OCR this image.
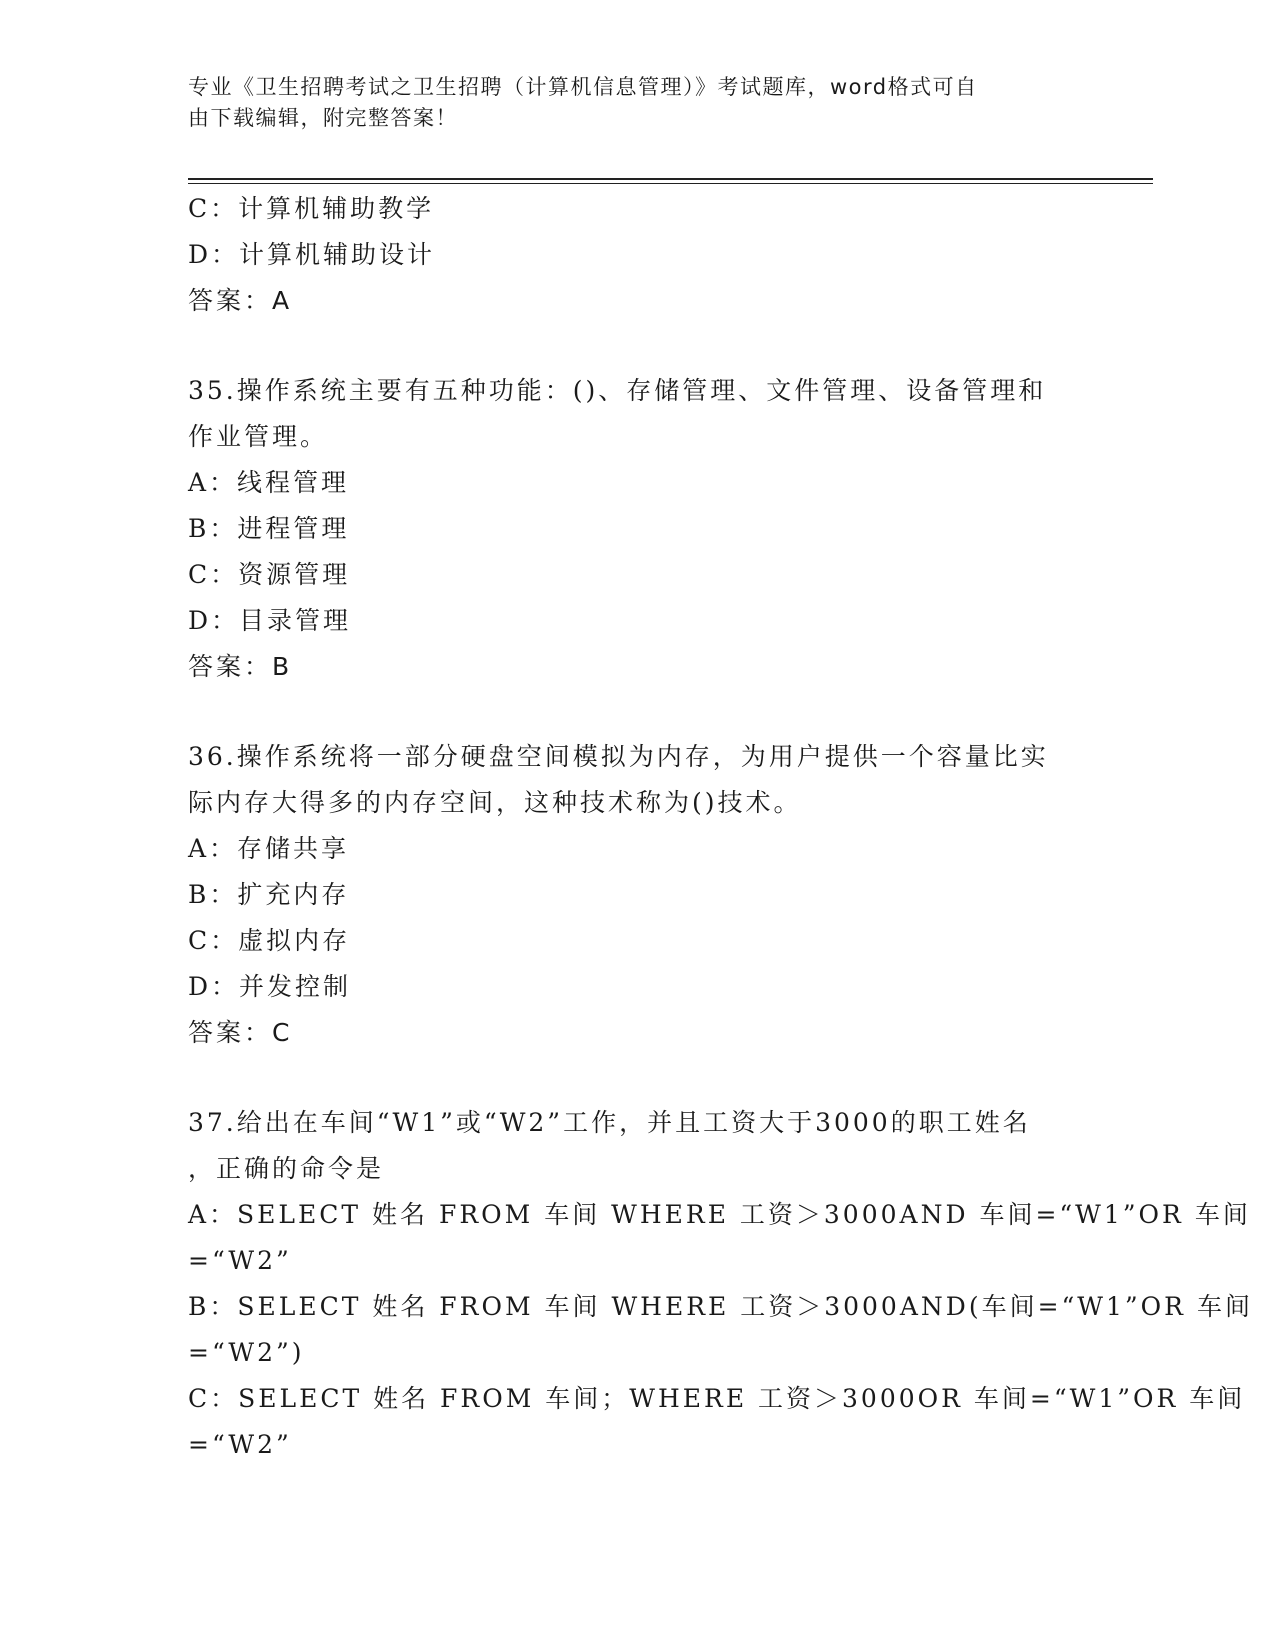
专业《卫生招聘考试之卫生招聘（计算机信息管理）》考试题库，word格式可自
由下载编辑，附完整答案！
C：计算机辅助教学
D：计算机辅助设计
答案：A
35.操作系统主要有五种功能：()、存储管理、文件管理、设备管理和
作业管理。
A：线程管理
B：进程管理
C：资源管理
D：目录管理
答案：B
36.操作系统将一部分硬盘空间模拟为内存，为用户提供一个容量比实
际内存大得多的内存空间，这种技术称为()技术。
A：存储共享
B：扩充内存
C：虚拟内存
D：并发控制
答案：C
37.给出在车间“W1”或“W2”工作，并且工资大于3000的职工姓名
，正确的命令是
A：SELECT 姓名 FROM 车间 WHERE 工资＞3000AND 车间=“W1”OR 车间
=“W2”
B：SELECT 姓名 FROM 车间 WHERE 工资＞3000AND(车间=“W1”OR 车间
=“W2”)
C：SELECT 姓名 FROM 车间；WHERE 工资＞3000OR 车间=“W1”OR 车间
=“W2”
